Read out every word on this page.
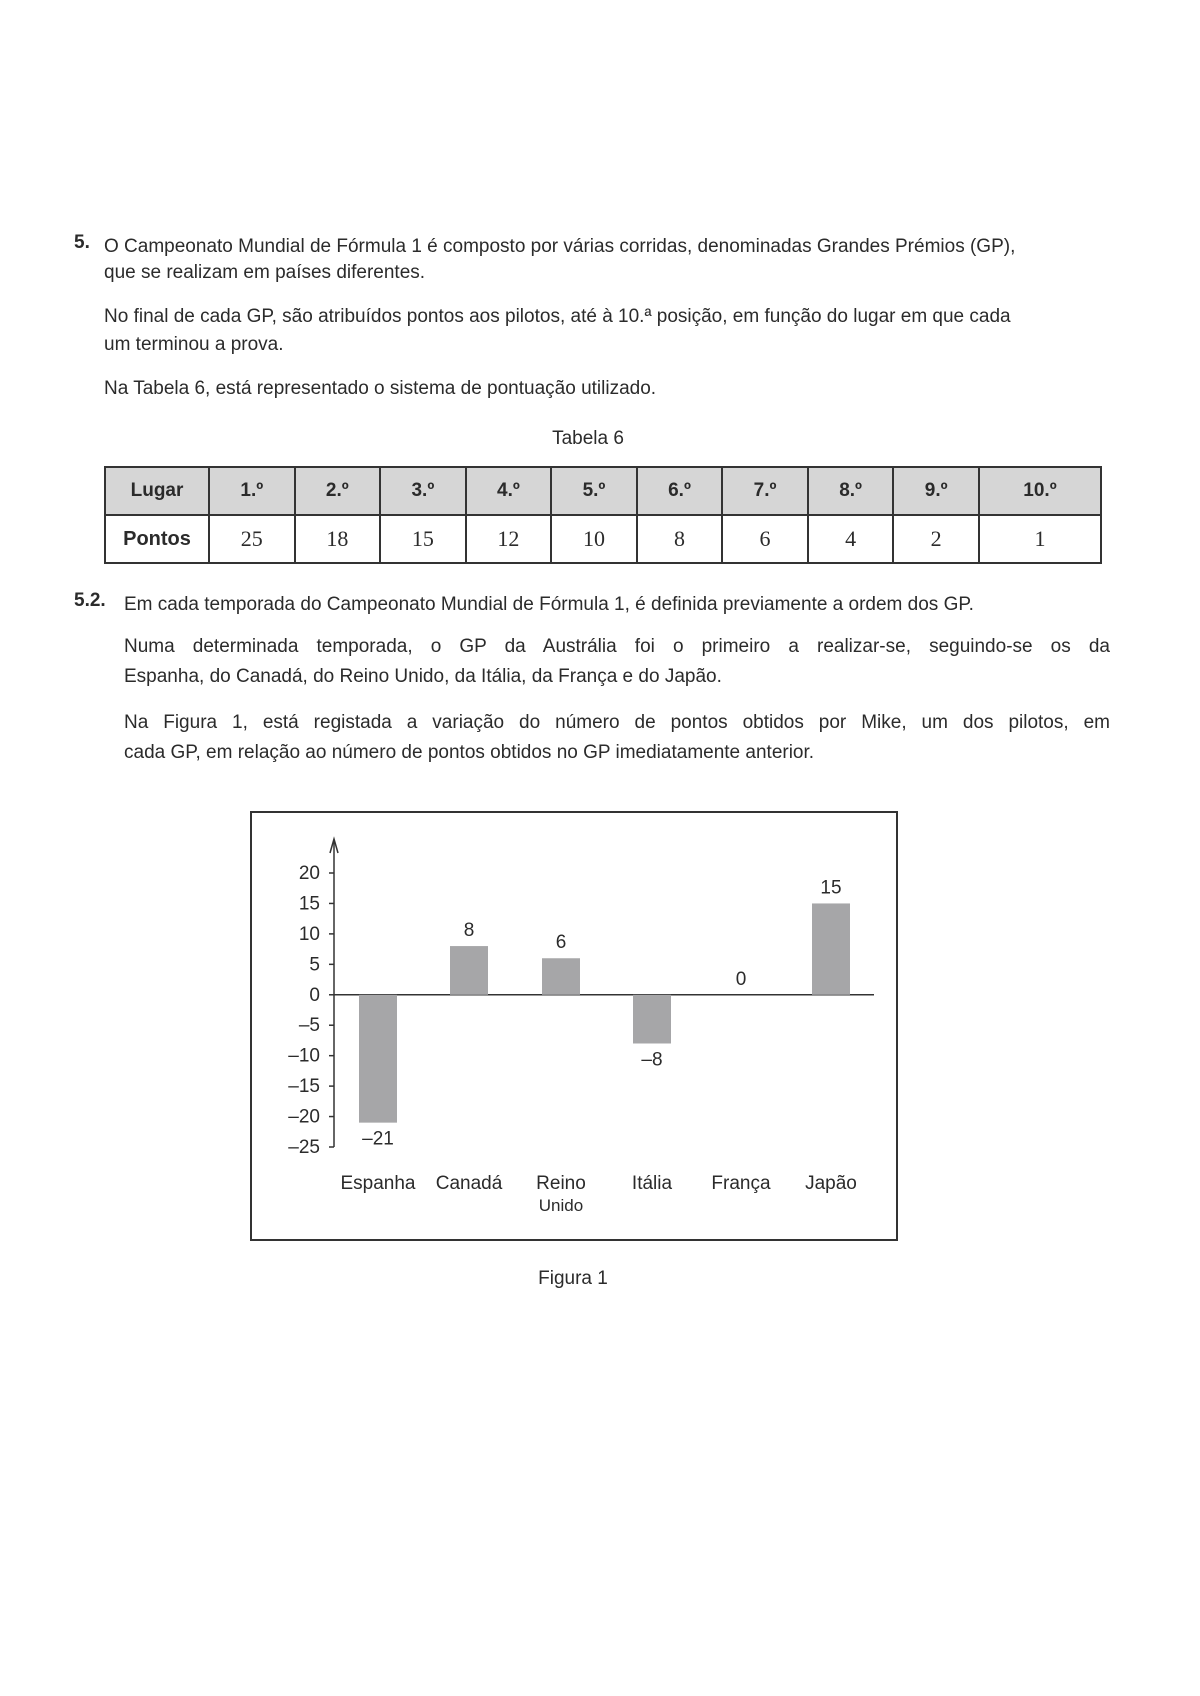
5. O Campeonato Mundial de Fórmula 1 é composto por várias corridas, denominadas Grandes Prémios (GP),
que se realizam em países diferentes.
No final de cada GP, são atribuídos pontos aos pilotos, até à 10.ª posição, em função do lugar em que cada
um terminou a prova.
Na Tabela 6, está representado o sistema de pontuação utilizado.
Tabela 6
Lugar	1.º	2.º	3.º	4.º	5.º	6.º	7.º	8.º	9.º	10.º
Pontos	25	18	15	12	10	8	6	4	2	1
5.2. Em cada temporada do Campeonato Mundial de Fórmula 1, é definida previamente a ordem dos GP.
Numa determinada temporada, o GP da Austrália foi o primeiro a realizar-se, seguindo-se os da
Espanha, do Canadá, do Reino Unido, da Itália, da França e do Japão.
Na Figura 1, está registada a variação do número de pontos obtidos por Mike, um dos pilotos, em
cada GP, em relação ao número de pontos obtidos no GP imediatamente anterior.
20
15
10
5
0
–5
–10
–15
–20
–25 –21
Espanha
8
Canadá
6
Reino
Unido
–8
Itália
0
França
15
Japão
Figura 1
